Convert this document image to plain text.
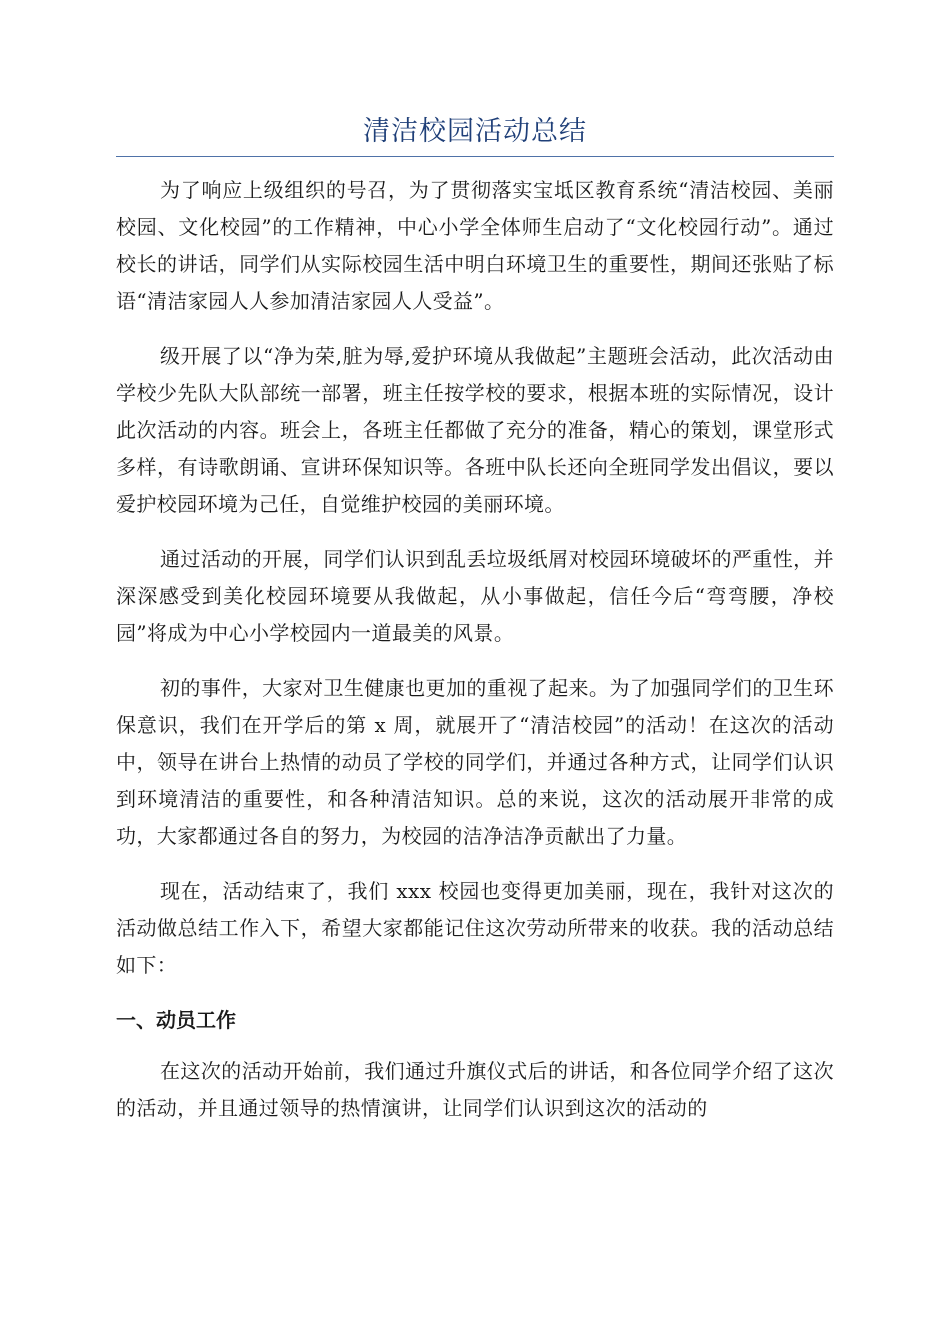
清洁校园活动总结

为了响应上级组织的号召，为了贯彻落实宝坻区教育系统“清洁校园、美丽校园、文化校园”的工作精神，中心小学全体师生启动了“文化校园行动”。通过校长的讲话，同学们从实际校园生活中明白环境卫生的重要性，期间还张贴了标语“清洁家园人人参加清洁家园人人受益”。

级开展了以“净为荣,脏为辱,爱护环境从我做起”主题班会活动，此次活动由学校少先队大队部统一部署，班主任按学校的要求，根据本班的实际情况，设计此次活动的内容。班会上，各班主任都做了充分的准备，精心的策划，课堂形式多样，有诗歌朗诵、宣讲环保知识等。各班中队长还向全班同学发出倡议，要以爱护校园环境为己任，自觉维护校园的美丽环境。

通过活动的开展，同学们认识到乱丢垃圾纸屑对校园环境破坏的严重性，并深深感受到美化校园环境要从我做起，从小事做起，信任今后“弯弯腰，净校园”将成为中心小学校园内一道最美的风景。

初的事件，大家对卫生健康也更加的重视了起来。为了加强同学们的卫生环保意识，我们在开学后的第 x 周，就展开了“清洁校园”的活动！在这次的活动中，领导在讲台上热情的动员了学校的同学们，并通过各种方式，让同学们认识到环境清洁的重要性，和各种清洁知识。总的来说，这次的活动展开非常的成功，大家都通过各自的努力，为校园的洁净洁净贡献出了力量。

现在，活动结束了，我们 xxx 校园也变得更加美丽，现在，我针对这次的活动做总结工作入下，希望大家都能记住这次劳动所带来的收获。我的活动总结如下：

一、动员工作

在这次的活动开始前，我们通过升旗仪式后的讲话，和各位同学介绍了这次的活动，并且通过领导的热情演讲，让同学们认识到这次的活动的
